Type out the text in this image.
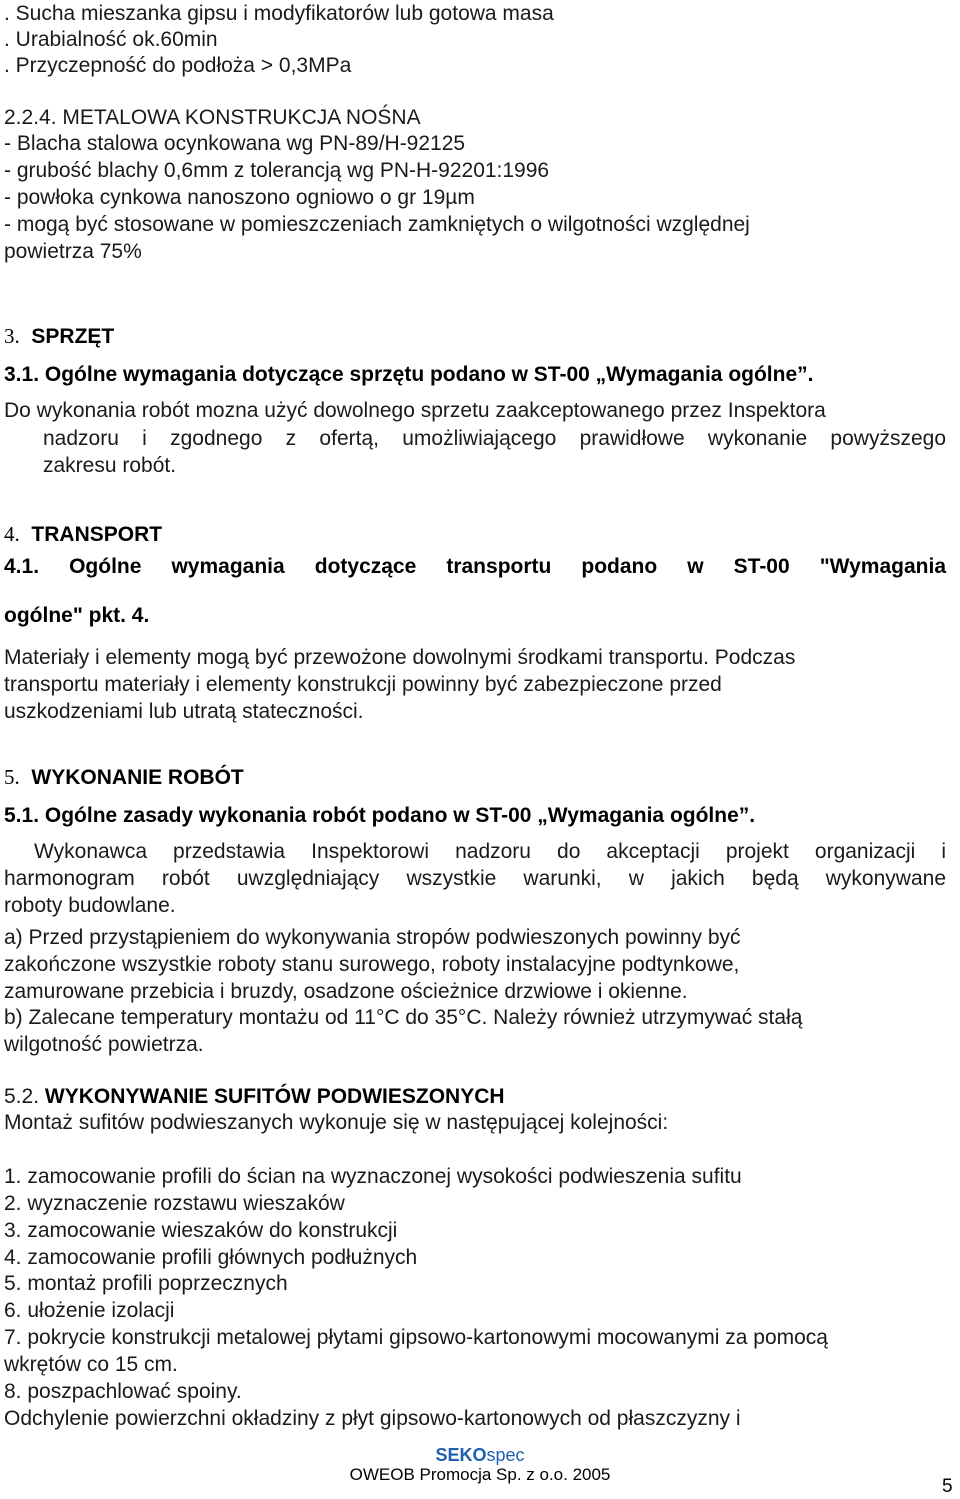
. Sucha mieszanka gipsu i modyfikatorów lub gotowa masa
. Urabialność ok.60min
. Przyczepność do podłoża > 0,3MPa
2.2.4. METALOWA KONSTRUKCJA NOŚNA
- Blacha stalowa ocynkowana wg PN-89/H-92125
- grubość blachy 0,6mm z tolerancją wg PN-H-92201:1996
- powłoka cynkowa nanoszono ogniowo o gr 19µm
- mogą być stosowane w pomieszczeniach zamkniętych o wilgotności względnej
powietrza 75%
3. SPRZĘT
3.1. Ogólne wymagania dotyczące sprzętu podano w ST-00 „Wymagania ogólne”.
Do wykonania robót mozna użyć dowolnego sprzetu zaakceptowanego przez Inspektora
nadzoru i zgodnego z ofertą, umożliwiającego prawidłowe wykonanie powyższego
zakresu robót.
4. TRANSPORT
4.1. Ogólne wymagania dotyczące transportu podano w ST-00 "Wymagania
ogólne" pkt. 4.
Materiały i elementy mogą być przewożone dowolnymi środkami transportu. Podczas
transportu materiały i elementy konstrukcji powinny być zabezpieczone przed
uszkodzeniami lub utratą stateczności.
5. WYKONANIE ROBÓT
5.1. Ogólne zasady wykonania robót podano w ST-00 „Wymagania ogólne”.
Wykonawca przedstawia Inspektorowi nadzoru do akceptacji projekt organizacji i
harmonogram robót uwzględniający wszystkie warunki, w jakich będą wykonywane
roboty budowlane.
a) Przed przystąpieniem do wykonywania stropów podwieszonych powinny być
zakończone wszystkie roboty stanu surowego, roboty instalacyjne podtynkowe,
zamurowane przebicia i bruzdy, osadzone ościeżnice drzwiowe i okienne.
b) Zalecane temperatury montażu od 11°C do 35°C. Należy również utrzymywać stałą
wilgotność powietrza.
5.2. WYKONYWANIE SUFITÓW PODWIESZONYCH
Montaż sufitów podwieszanych wykonuje się w następującej kolejności:
1. zamocowanie profili do ścian na wyznaczonej wysokości podwieszenia sufitu
2. wyznaczenie rozstawu wieszaków
3. zamocowanie wieszaków do konstrukcji
4. zamocowanie profili głównych podłużnych
5. montaż profili poprzecznych
6. ułożenie izolacji
7. pokrycie konstrukcji metalowej płytami gipsowo-kartonowymi mocowanymi za pomocą
wkrętów co 15 cm.
8. poszpachlować spoiny.
Odchylenie powierzchni okładziny z płyt gipsowo-kartonowych od płaszczyzny i
SEKOspec
OWEOB Promocja Sp. z o.o. 2005
5
